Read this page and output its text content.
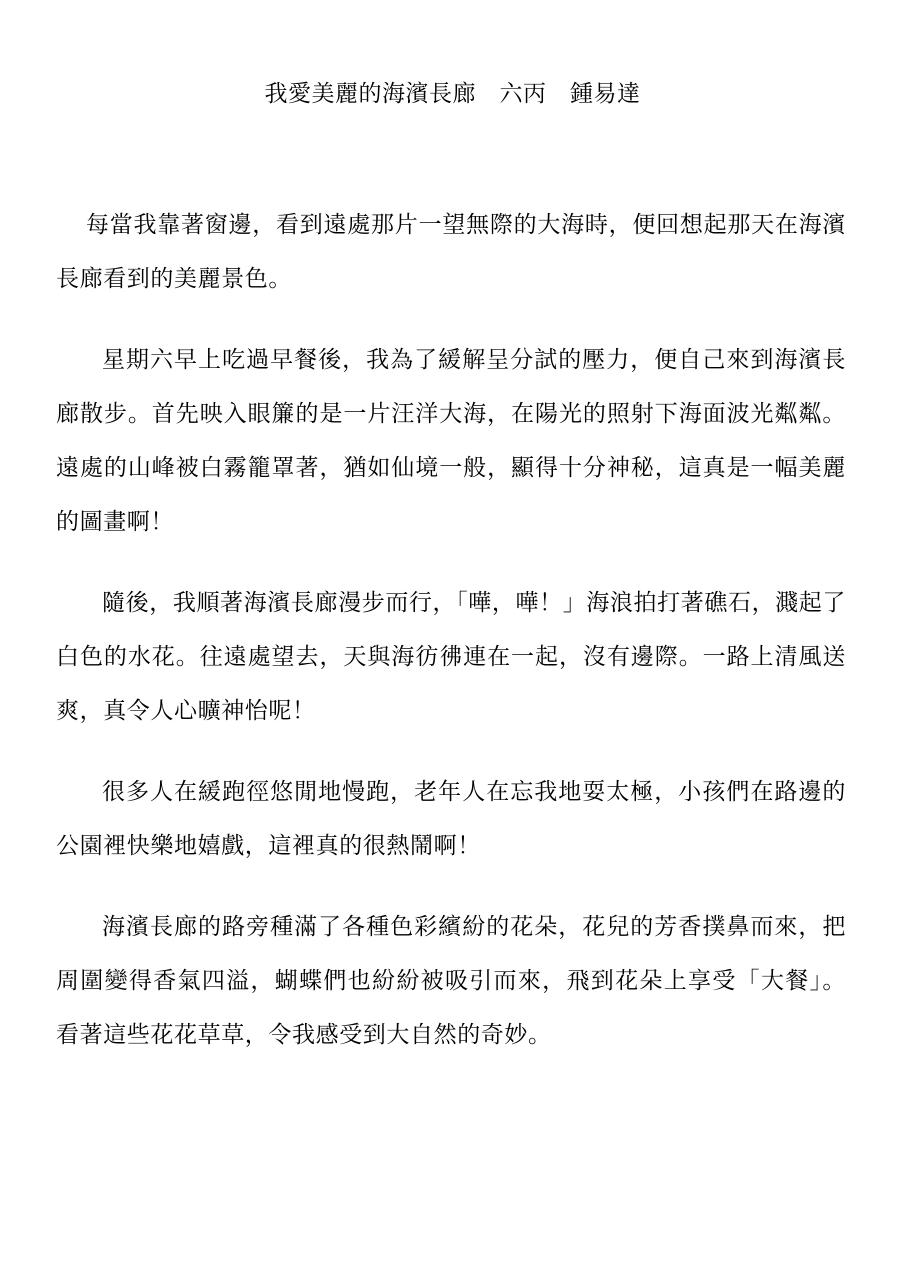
我愛美麗的海濱長廊　六丙　鍾易達

每當我靠著窗邊，看到遠處那片一望無際的大海時，便回想起那天在海濱長廊看到的美麗景色。

星期六早上吃過早餐後，我為了緩解呈分試的壓力，便自己來到海濱長廊散步。首先映入眼簾的是一片汪洋大海，在陽光的照射下海面波光粼粼。遠處的山峰被白霧籠罩著，猶如仙境一般，顯得十分神秘，這真是一幅美麗的圖畫啊！

隨後，我順著海濱長廊漫步而行，「嘩，嘩！」海浪拍打著礁石，濺起了白色的水花。往遠處望去，天與海彷彿連在一起，沒有邊際。一路上清風送爽，真令人心曠神怡呢！

很多人在緩跑徑悠閒地慢跑，老年人在忘我地耍太極，小孩們在路邊的公園裡快樂地嬉戲，這裡真的很熱鬧啊！

海濱長廊的路旁種滿了各種色彩繽紛的花朵，花兒的芳香撲鼻而來，把周圍變得香氣四溢，蝴蝶們也紛紛被吸引而來，飛到花朵上享受「大餐」。看著這些花花草草，令我感受到大自然的奇妙。
